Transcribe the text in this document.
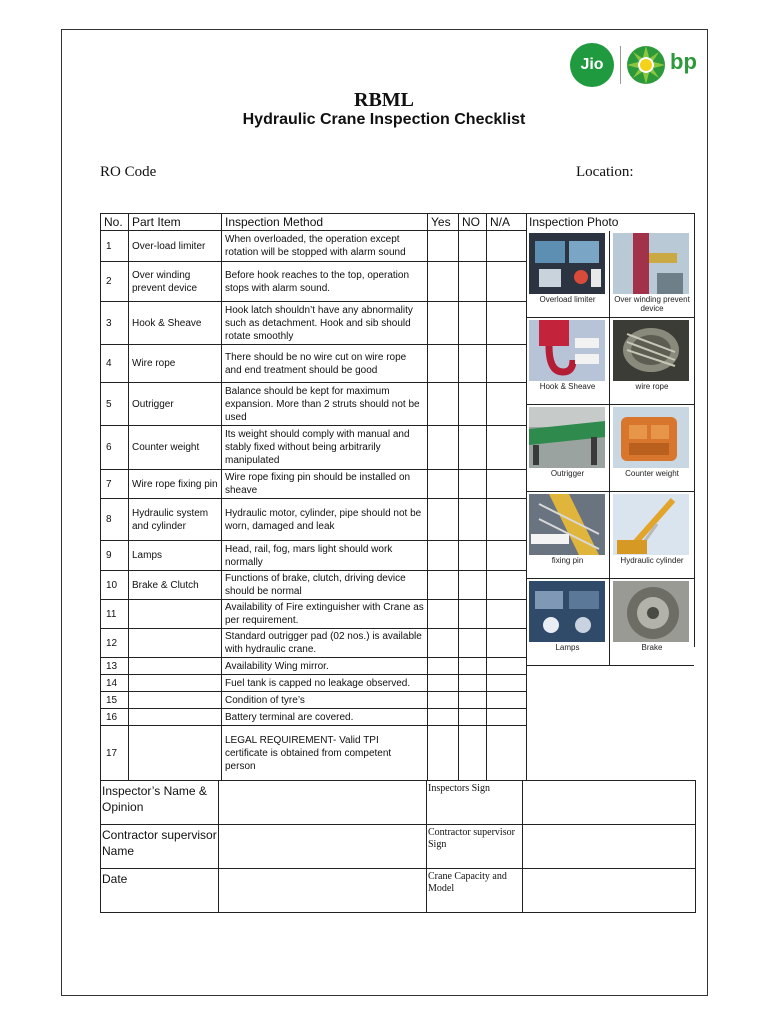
Jio	bp
RBML
Hydraulic Crane Inspection Checklist
RO Code	Location:
No.	Part Item	Inspection Method	Yes	NO	N/A
1	Over-load limiter	When overloaded, the operation except rotation will be stopped with alarm sound			
2	Over winding prevent device	Before hook reaches to the top, operation stops with alarm sound.			
3	Hook & Sheave	Hook latch shouldn’t have any abnormality such as detachment. Hook and sib should rotate smoothly			
4	Wire rope	There should be no wire cut on wire rope and end treatment should be good			
5	Outrigger	Balance should be kept for maximum expansion. More than 2 struts should not be used			
6	Counter weight	Its weight should comply with manual and stably fixed without being arbitrarily manipulated			
7	Wire rope fixing pin	Wire rope fixing pin should be installed on sheave			
8	Hydraulic system and cylinder	Hydraulic motor, cylinder, pipe should not be worn, damaged and leak			
9	Lamps	Head, rail, fog, mars light should work normally			
10	Brake & Clutch	Functions of brake, clutch, driving device should be normal			
11		Availability of Fire extinguisher with Crane as per requirement.			
12		Standard outrigger pad (02 nos.) is available with hydraulic crane.			
13		Availability Wing mirror.			
14		Fuel tank is capped no leakage observed.			
15		Condition of tyre’s			
16		Battery terminal are covered.			
17		LEGAL REQUIREMENT- Valid TPI certificate is obtained from competent person			
Inspection Photo
Overload limiter	Over winding prevent device
Hook & Sheave	wire rope
Outrigger	Counter weight
fixing pin	Hydraulic cylinder
Lamps	Brake
Inspector’s Name & Opinion		Inspectors Sign	
Contractor supervisor Name		Contractor supervisor Sign	
Date		Crane Capacity and Model	
